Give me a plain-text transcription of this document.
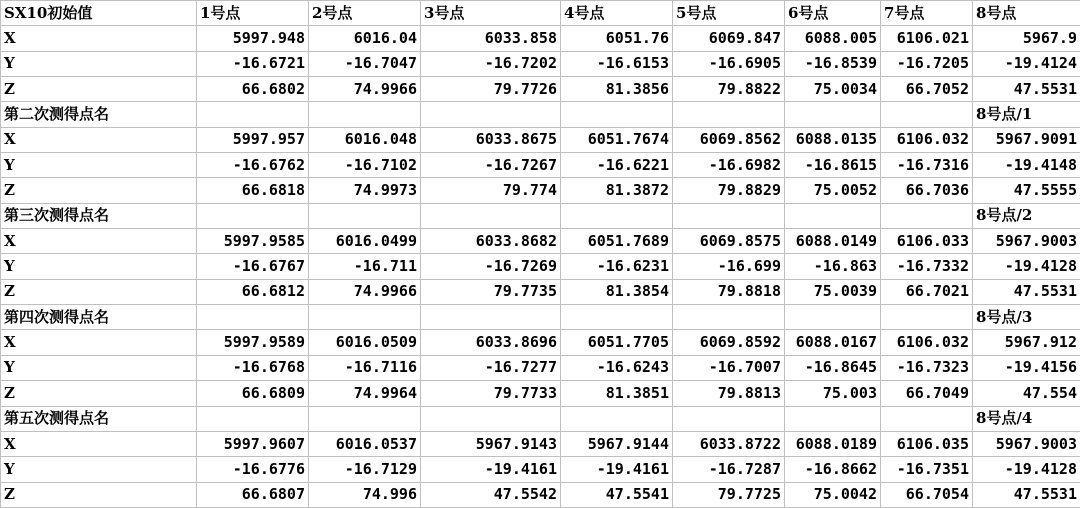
SX10初始值	1号点	2号点	3号点	4号点	5号点	6号点	7号点	8号点
X	5997.948	6016.04	6033.858	6051.76	6069.847	6088.005	6106.021	5967.9
Y	-16.6721	-16.7047	-16.7202	-16.6153	-16.6905	-16.8539	-16.7205	-19.4124
Z	66.6802	74.9966	79.7726	81.3856	79.8822	75.0034	66.7052	47.5531
第二次测得点名								8号点/1
X	5997.957	6016.048	6033.8675	6051.7674	6069.8562	6088.0135	6106.032	5967.9091
Y	-16.6762	-16.7102	-16.7267	-16.6221	-16.6982	-16.8615	-16.7316	-19.4148
Z	66.6818	74.9973	79.774	81.3872	79.8829	75.0052	66.7036	47.5555
第三次测得点名								8号点/2
X	5997.9585	6016.0499	6033.8682	6051.7689	6069.8575	6088.0149	6106.033	5967.9003
Y	-16.6767	-16.711	-16.7269	-16.6231	-16.699	-16.863	-16.7332	-19.4128
Z	66.6812	74.9966	79.7735	81.3854	79.8818	75.0039	66.7021	47.5531
第四次测得点名								8号点/3
X	5997.9589	6016.0509	6033.8696	6051.7705	6069.8592	6088.0167	6106.032	5967.912
Y	-16.6768	-16.7116	-16.7277	-16.6243	-16.7007	-16.8645	-16.7323	-19.4156
Z	66.6809	74.9964	79.7733	81.3851	79.8813	75.003	66.7049	47.554
第五次测得点名								8号点/4
X	5997.9607	6016.0537	5967.9143	5967.9144	6033.8722	6088.0189	6106.035	5967.9003
Y	-16.6776	-16.7129	-19.4161	-19.4161	-16.7287	-16.8662	-16.7351	-19.4128
Z	66.6807	74.996	47.5542	47.5541	79.7725	75.0042	66.7054	47.5531
